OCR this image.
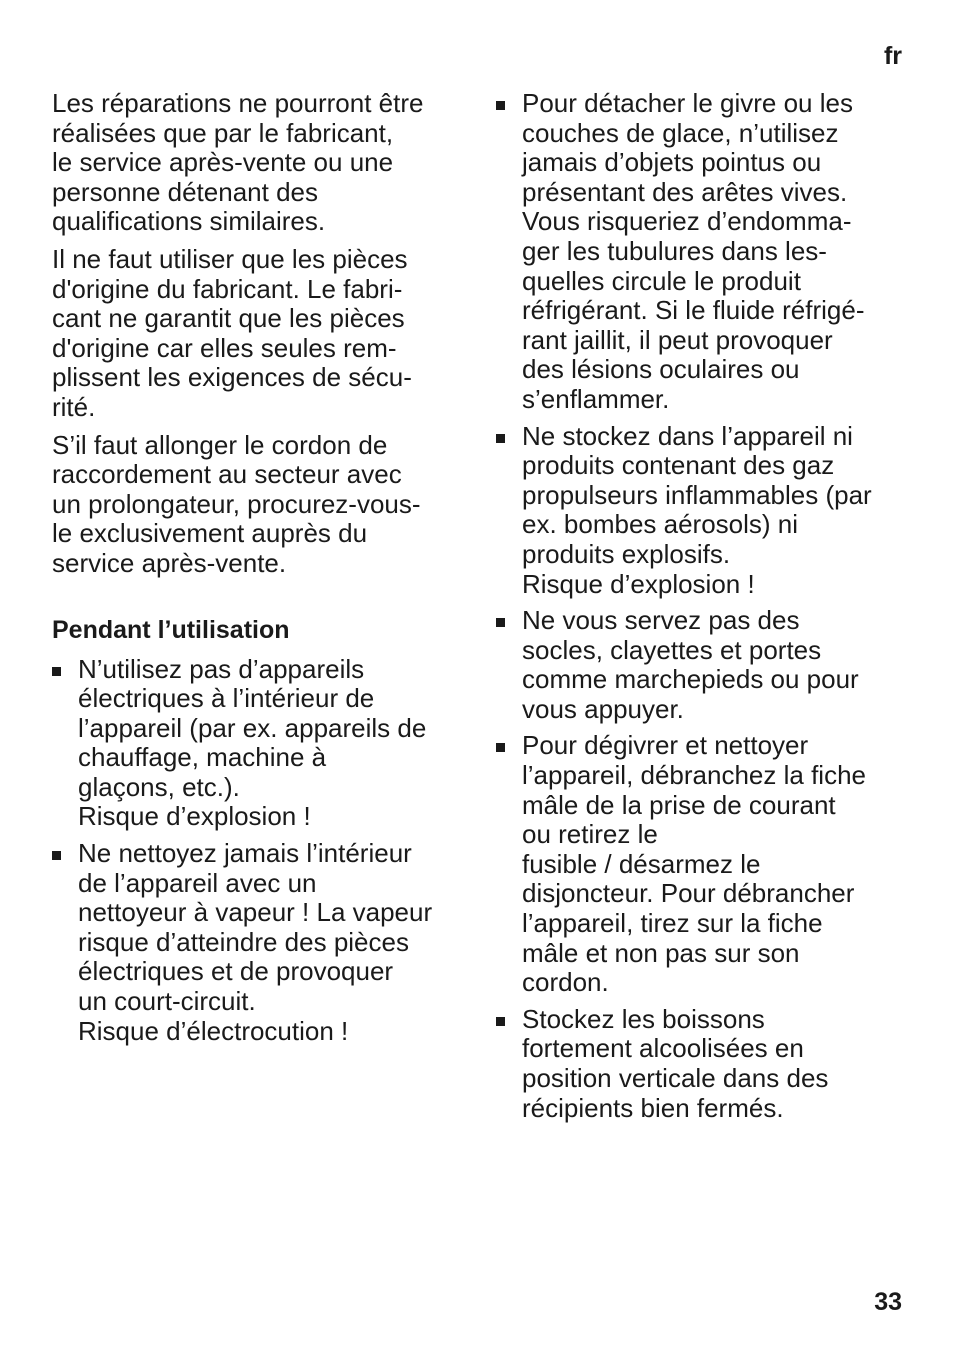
fr

Les réparations ne pourront être
réalisées que par le fabricant,
le service après-vente ou une
personne détenant des
qualifications similaires.

Il ne faut utiliser que les pièces
d'origine du fabricant. Le fabri-
cant ne garantit que les pièces
d'origine car elles seules rem-
plissent les exigences de sécu-
rité.

S’il faut allonger le cordon de
raccordement au secteur avec
un prolongateur, procurez-vous-
le exclusivement auprès du
service après-vente.

Pendant l’utilisation
N’utilisez pas d’appareils
électriques à l’intérieur de
l’appareil (par ex. appareils de
chauffage, machine à
glaçons, etc.).
Risque d’explosion !
Ne nettoyez jamais l’intérieur
de l’appareil avec un
nettoyeur à vapeur ! La vapeur
risque d’atteindre des pièces
électriques et de provoquer
un court-circuit.
Risque d’électrocution !
Pour détacher le givre ou les
couches de glace, n’utilisez
jamais d’objets pointus ou
présentant des arêtes vives.
Vous risqueriez d’endomma-
ger les tubulures dans les-
quelles circule le produit
réfrigérant. Si le fluide réfrigé-
rant jaillit, il peut provoquer
des lésions oculaires ou
s’enflammer.
Ne stockez dans l’appareil ni
produits contenant des gaz
propulseurs inflammables (par
ex. bombes aérosols) ni
produits explosifs.
Risque d’explosion !
Ne vous servez pas des
socles, clayettes et portes
comme marchepieds ou pour
vous appuyer.
Pour dégivrer et nettoyer
l’appareil, débranchez la fiche
mâle de la prise de courant
ou retirez le
fusible / désarmez le
disjoncteur. Pour débrancher
l’appareil, tirez sur la fiche
mâle et non pas sur son
cordon.
Stockez les boissons
fortement alcoolisées en
position verticale dans des
récipients bien fermés.
33
